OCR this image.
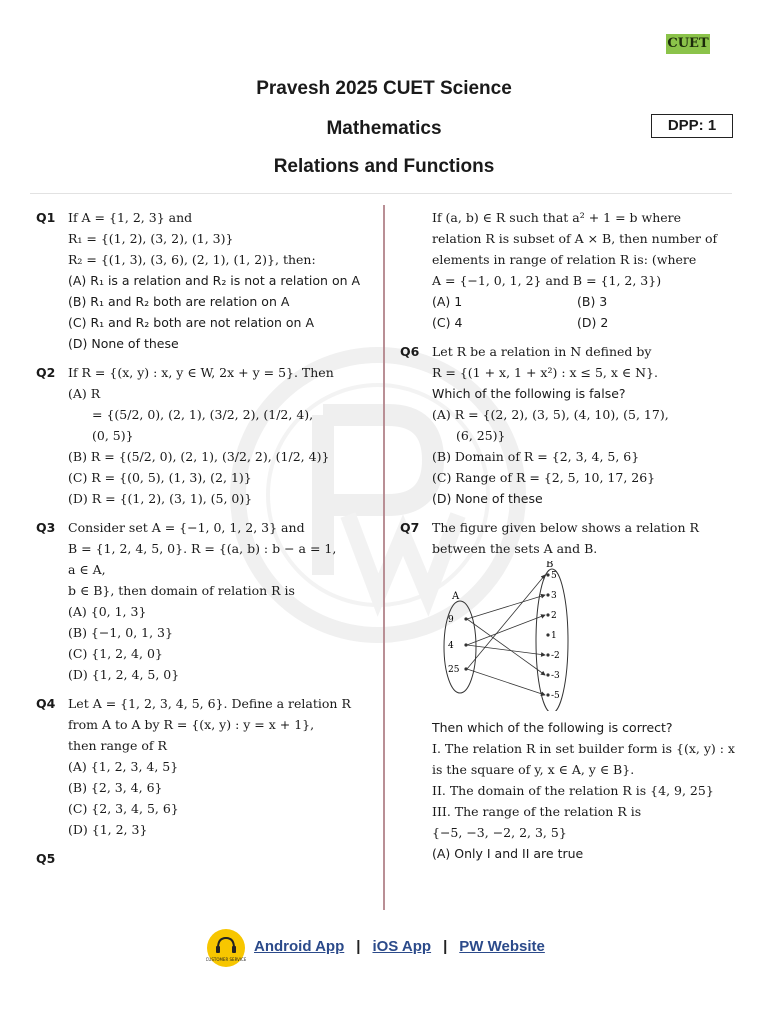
CUET
Pravesh 2025 CUET Science
Mathematics
Relations and Functions
DPP: 1
Q1 If A = {1, 2, 3} and
R₁ = {(1, 2), (3, 2), (1, 3)}
R₂ = {(1, 3), (3, 6), (2, 1), (1, 2)}, then:
(A) R₁ is a relation and R₂ is not a relation on A
(B) R₁ and R₂ both are relation on A
(C) R₁ and R₂ both are not relation on A
(D) None of these
Q2 If R = {(x, y) : x, y ∈ W, 2x + y = 5}. Then
(A) R
= {(5/2, 0), (2, 1), (3/2, 2), (1/2, 4),
(0, 5)}
(B) R = {(5/2, 0), (2, 1), (3/2, 2), (1/2, 4)}
(C) R = {(0, 5), (1, 3), (2, 1)}
(D) R = {(1, 2), (3, 1), (5, 0)}
Q3 Consider set A = {−1, 0, 1, 2, 3} and
B = {1, 2, 4, 5, 0}. R = {(a, b) : b − a = 1,
a ∈ A,
b ∈ B}, then domain of relation R is
(A) {0, 1, 3}
(B) {−1, 0, 1, 3}
(C) {1, 2, 4, 0}
(D) {1, 2, 4, 5, 0}
Q4 Let A = {1, 2, 3, 4, 5, 6}. Define a relation R
from A to A by R = {(x, y) : y = x + 1},
then range of R
(A) {1, 2, 3, 4, 5}
(B) {2, 3, 4, 6}
(C) {2, 3, 4, 5, 6}
(D) {1, 2, 3}
Q5

If (a, b) ∈ R such that a² + 1 = b where
relation R is subset of A × B, then number of
elements in range of relation R is: (where
A = {−1, 0, 1, 2} and B = {1, 2, 3})
(A) 1	(B) 3
(C) 4	(D) 2
Q6 Let R be a relation in N defined by
R = {(1 + x, 1 + x²) : x ≤ 5, x ∈ N}.
Which of the following is false?
(A) R = {(2, 2), (3, 5), (4, 10), (5, 17),
(6, 25)}
(B) Domain of R = {2, 3, 4, 5, 6}
(C) Range of R = {2, 5, 10, 17, 26}
(D) None of these
Q7 The figure given below shows a relation R
between the sets A and B.
A
B
9
4
25
5
3
2
1
-2
-3
-5
Then which of the following is correct?
I. The relation R in set builder form is {(x, y) : x
is the square of y, x ∈ A, y ∈ B}.
II. The domain of the relation R is {4, 9, 25}
III. The range of the relation R is
{−5, −3, −2, 2, 3, 5}
(A) Only I and II are true
CUSTOMER SERVICE
Android App | iOS App | PW Website
